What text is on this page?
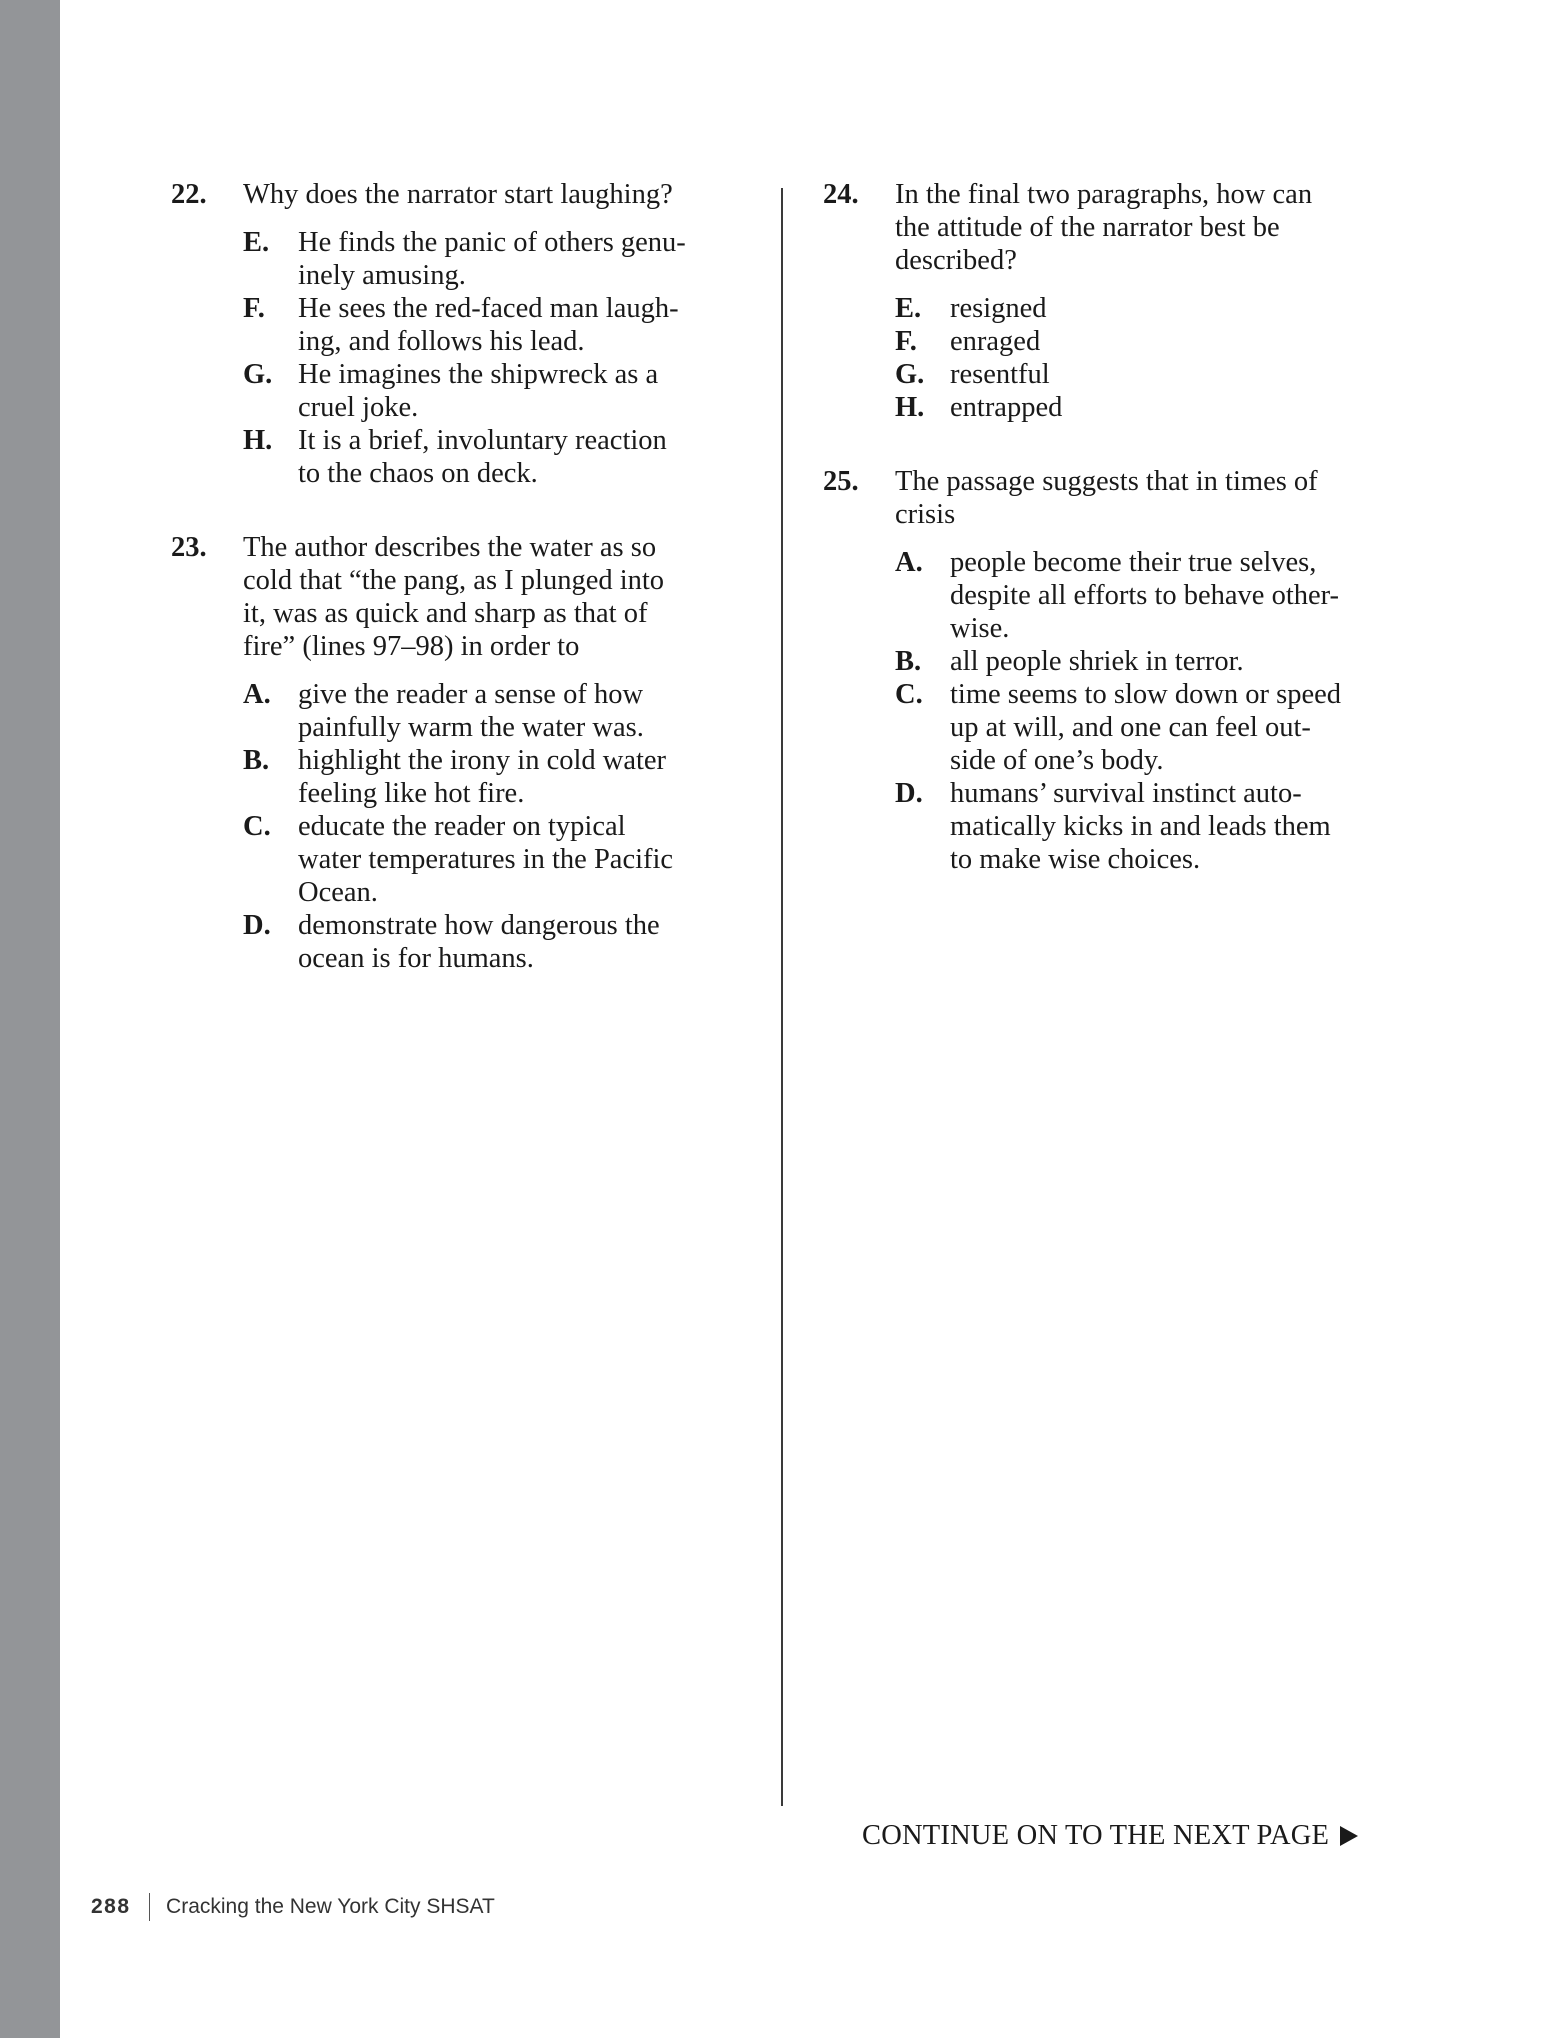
22.	Why does the narrator start laughing?
E.	He finds the panic of others genu-
inely amusing.
F.	He sees the red-faced man laugh-
ing, and follows his lead.
G. He imagines the shipwreck as a
cruel joke.
H. It is a brief, involuntary reaction
to the chaos on deck.
23.	The author describes the water as so
cold that “the pang, as I plunged into
it, was as quick and sharp as that of
fire” (lines 97–98) in order to
A. give the reader a sense of how
painfully warm the water was.
B.	highlight the irony in cold water
feeling like hot fire.
C. educate the reader on typical
water temperatures in the Pacific
Ocean.
D. demonstrate how dangerous the
ocean is for humans.
24.	In the final two paragraphs, how can
the attitude of the narrator best be
described?
E.	resigned
F.	enraged
G. resentful
H. entrapped
25.	The passage suggests that in times of
crisis
A. people become their true selves,
despite all efforts to behave other-
wise.
B.	all people shriek in terror.
C. time seems to slow down or speed
up at will, and one can feel out-
side of one’s body.
D. humans’ survival instinct auto-
matically kicks in and leads them
to make wise choices.
CONTINUE ON TO THE NEXT PAGE
288 Cracking the New York City SHSAT
